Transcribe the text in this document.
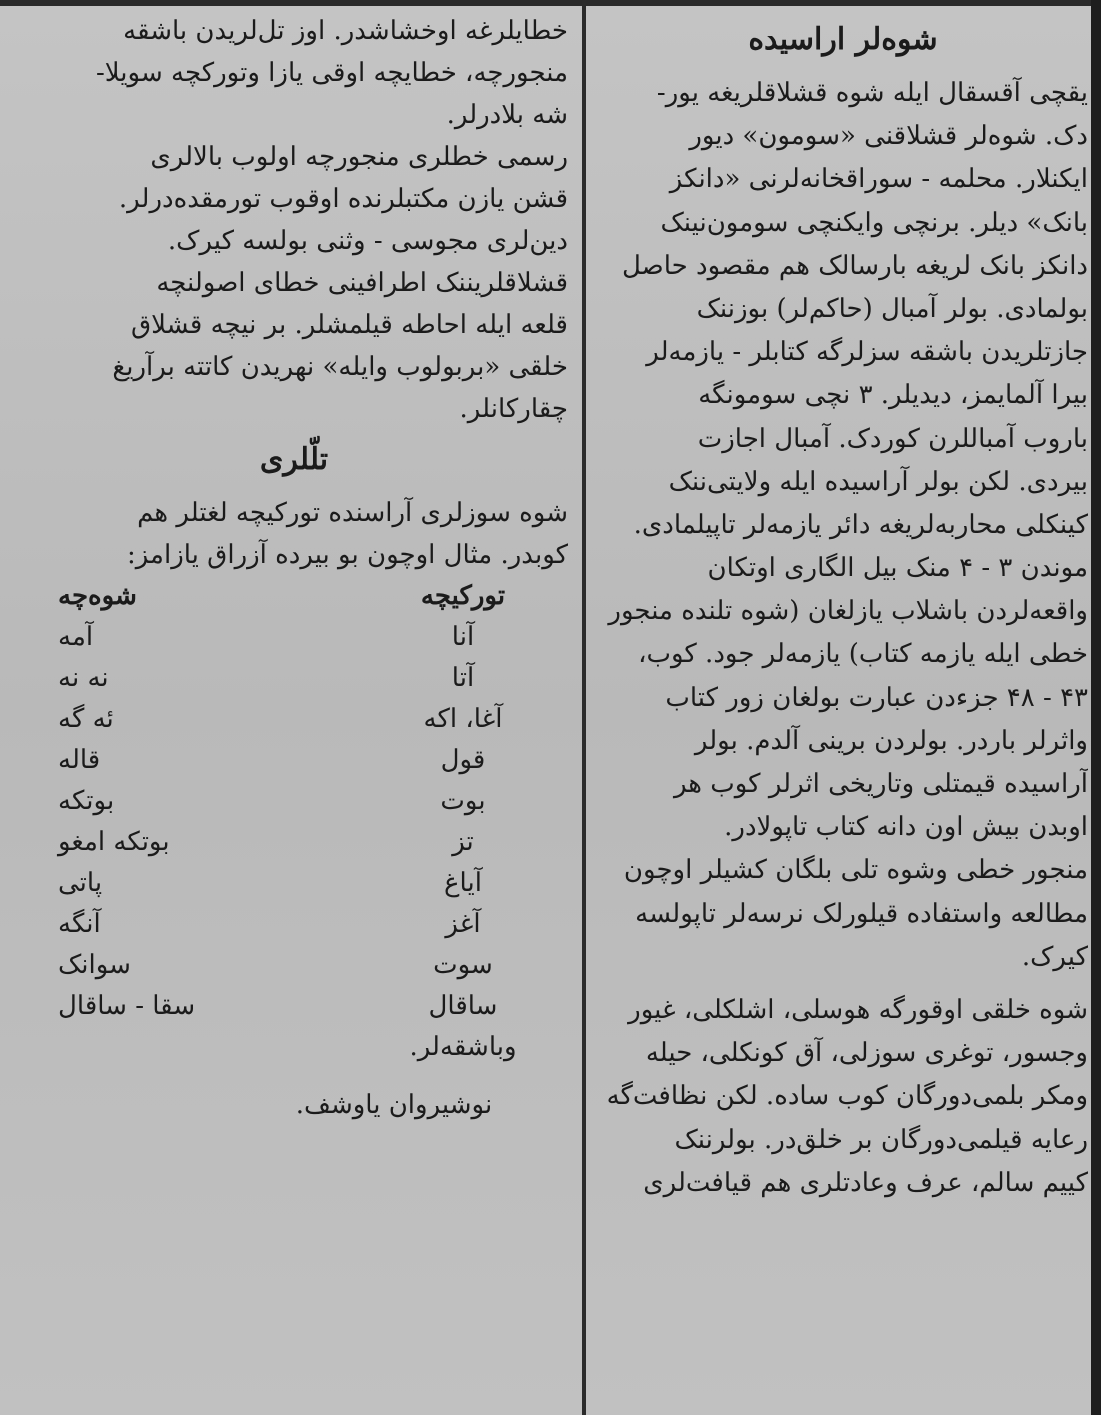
شوه‌لر اراسیده
یقچی آقسقال ایله شوه قشلاقلریغه یور-
دک. شوه‌لر قشلاقنی «سومون» دیور
ایکنلار. محلمه - سوراقخانه‌لرنی «دانکز
بانک» دیلر. برنچی وایکنچی سومون‌نینک
دانکز بانک لریغه بارسالک هم مقصود حاصل
بولمادی. بولر آمبال (حاکم‌لر) بوزننک
جازتلریدن باشقه سزلرگه کتابلر - یازمه‌لر
بیرا آلمایمز، دیدیلر. ۳ نچی سومونگه
باروب آمباللرن کوردک. آمبال اجازت
بیردی. لکن بولر آراسیده ایله ولایتی‌ننک
کینکلی محاربه‌لریغه دائر یازمه‌لر تاپیلمادی.
موندن ۳ - ۴ منک بیل الگاری اوتکان
واقعه‌لردن باشلاب یازلغان (شوه تلنده منجور
خطی ایله یازمه کتاب) یازمه‌لر جود. کوب،
۴۳ - ۴۸ جزءدن عبارت بولغان زور کتاب
واثرلر باردر. بولردن برینی آلدم. بولر
آراسیده قیمتلی وتاریخی اثرلر کوب هر
اوبدن بیش اون دانه کتاب تاپولادر.
منجور خطی وشوه تلی بلگان کشیلر اوچون
مطالعه واستفاده قیلورلک نرسه‌لر تاپولسه
کیرک.
شوه خلقی اوقورگه هوسلی، اشلکلی، غیور
وجسور، توغری سوزلی، آق کونکلی، حیله
ومکر بلمی‌دورگان کوب ساده. لکن نظافت‌گه
رعایه قیلمی‌دورگان بر خلق‌در. بولرننک
کییم سالم، عرف وعادتلری هم قیافت‌لری
خطایلرغه اوخشاشدر. اوز تل‌لریدن باشقه
منجورچه، خطایچه اوقی یازا وتورکچه سویلا-
شه بلادرلر.
رسمی خطلری منجورچه اولوب بالالری
قشن یازن مکتبلرنده اوقوب تورمقده‌درلر.
دین‌لری مجوسی - وثنی بولسه کیرک.
قشلاقلریننک اطرافینی خطای اصولنچه
قلعه ایله احاطه قیلمشلر. بر نیچه قشلاق
خلقی «بربولوب وایله» نهریدن کاتته برآریغ
چقارکانلر.
تلّلری
شوه سوزلری آراسنده تورکیچه لغتلر هم
کوبدر. مثال اوچون بو بیرده آزراق یازامز:
تورکیچه
شوه‌چه
آنا
آمه
آتا
نه نه
آغا، اکه
ئه گه
قول
قاله
بوت
بوتکه
تز
بوتکه امغو
آیاغ
پاتی
آغز
آنگه
سوت
سوانک
ساقال
سقا - ساقال
وباشقه‌لر.
نوشیروان یاوشف.
